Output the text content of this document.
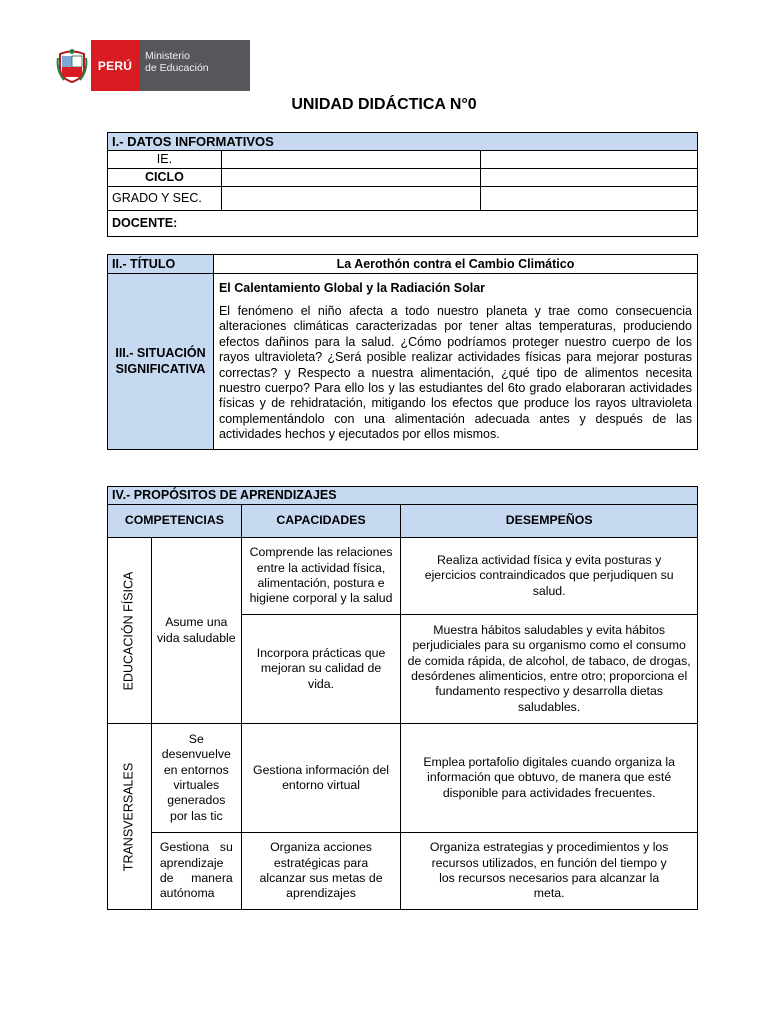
PERÚ
Ministerio
de Educación
UNIDAD DIDÁCTICA N°0
I.- DATOS INFORMATIVOS		
IE.		
CICLO		
GRADO Y SEC.		
DOCENTE:		
II.- TÍTULO	La Aerothón contra el Cambio Climático
III.- SITUACIÓN SIGNIFICATIVA	El Calentamiento Global y la Radiación Solar
El fenómeno el niño afecta a todo nuestro planeta y trae como consecuencia alteraciones climáticas caracterizadas por tener altas temperaturas, produciendo efectos dañinos para la salud. ¿Cómo podríamos proteger nuestro cuerpo de los rayos ultravioleta? ¿Será posible realizar actividades físicas para mejorar posturas correctas? y Respecto a nuestra alimentación, ¿qué tipo de alimentos necesita nuestro cuerpo? Para ello los y las estudiantes del 6to grado elaboraran actividades físicas y de rehidratación, mitigando los efectos que produce los rayos ultravioleta complementándolo con una alimentación adecuada antes y después de las actividades hechos y ejecutados por ellos mismos.
IV.- PROPÓSITOS DE APRENDIZAJES			
COMPETENCIAS		CAPACIDADES	DESEMPEÑOS

EDUCACIÓN FÍSICA	Asume una vida saludable	Comprende las relaciones entre la actividad física, alimentación, postura e higiene corporal y la salud	Realiza actividad física y evita posturas y ejercicios contraindicados que perjudiquen su salud.
		Incorpora prácticas que mejoran su calidad de vida.	Muestra hábitos saludables y evita hábitos perjudiciales para su organismo como el consumo de comida rápida, de alcohol, de tabaco, de drogas, desórdenes alimenticios, entre otro; proporciona el fundamento respectivo y desarrolla dietas saludables.

TRANSVERSALES	Se desenvuelve en entornos virtuales generados por las tic	Gestiona información del entorno virtual	Emplea portafolio digitales cuando organiza la información que obtuvo, de manera que esté disponible para actividades frecuentes.
	Gestiona su aprendizaje de manera autónoma	Organiza acciones estratégicas para alcanzar sus metas de aprendizajes	Organiza estrategias y procedimientos y los recursos utilizados, en función del tiempo y los recursos necesarios para alcanzar la meta.
